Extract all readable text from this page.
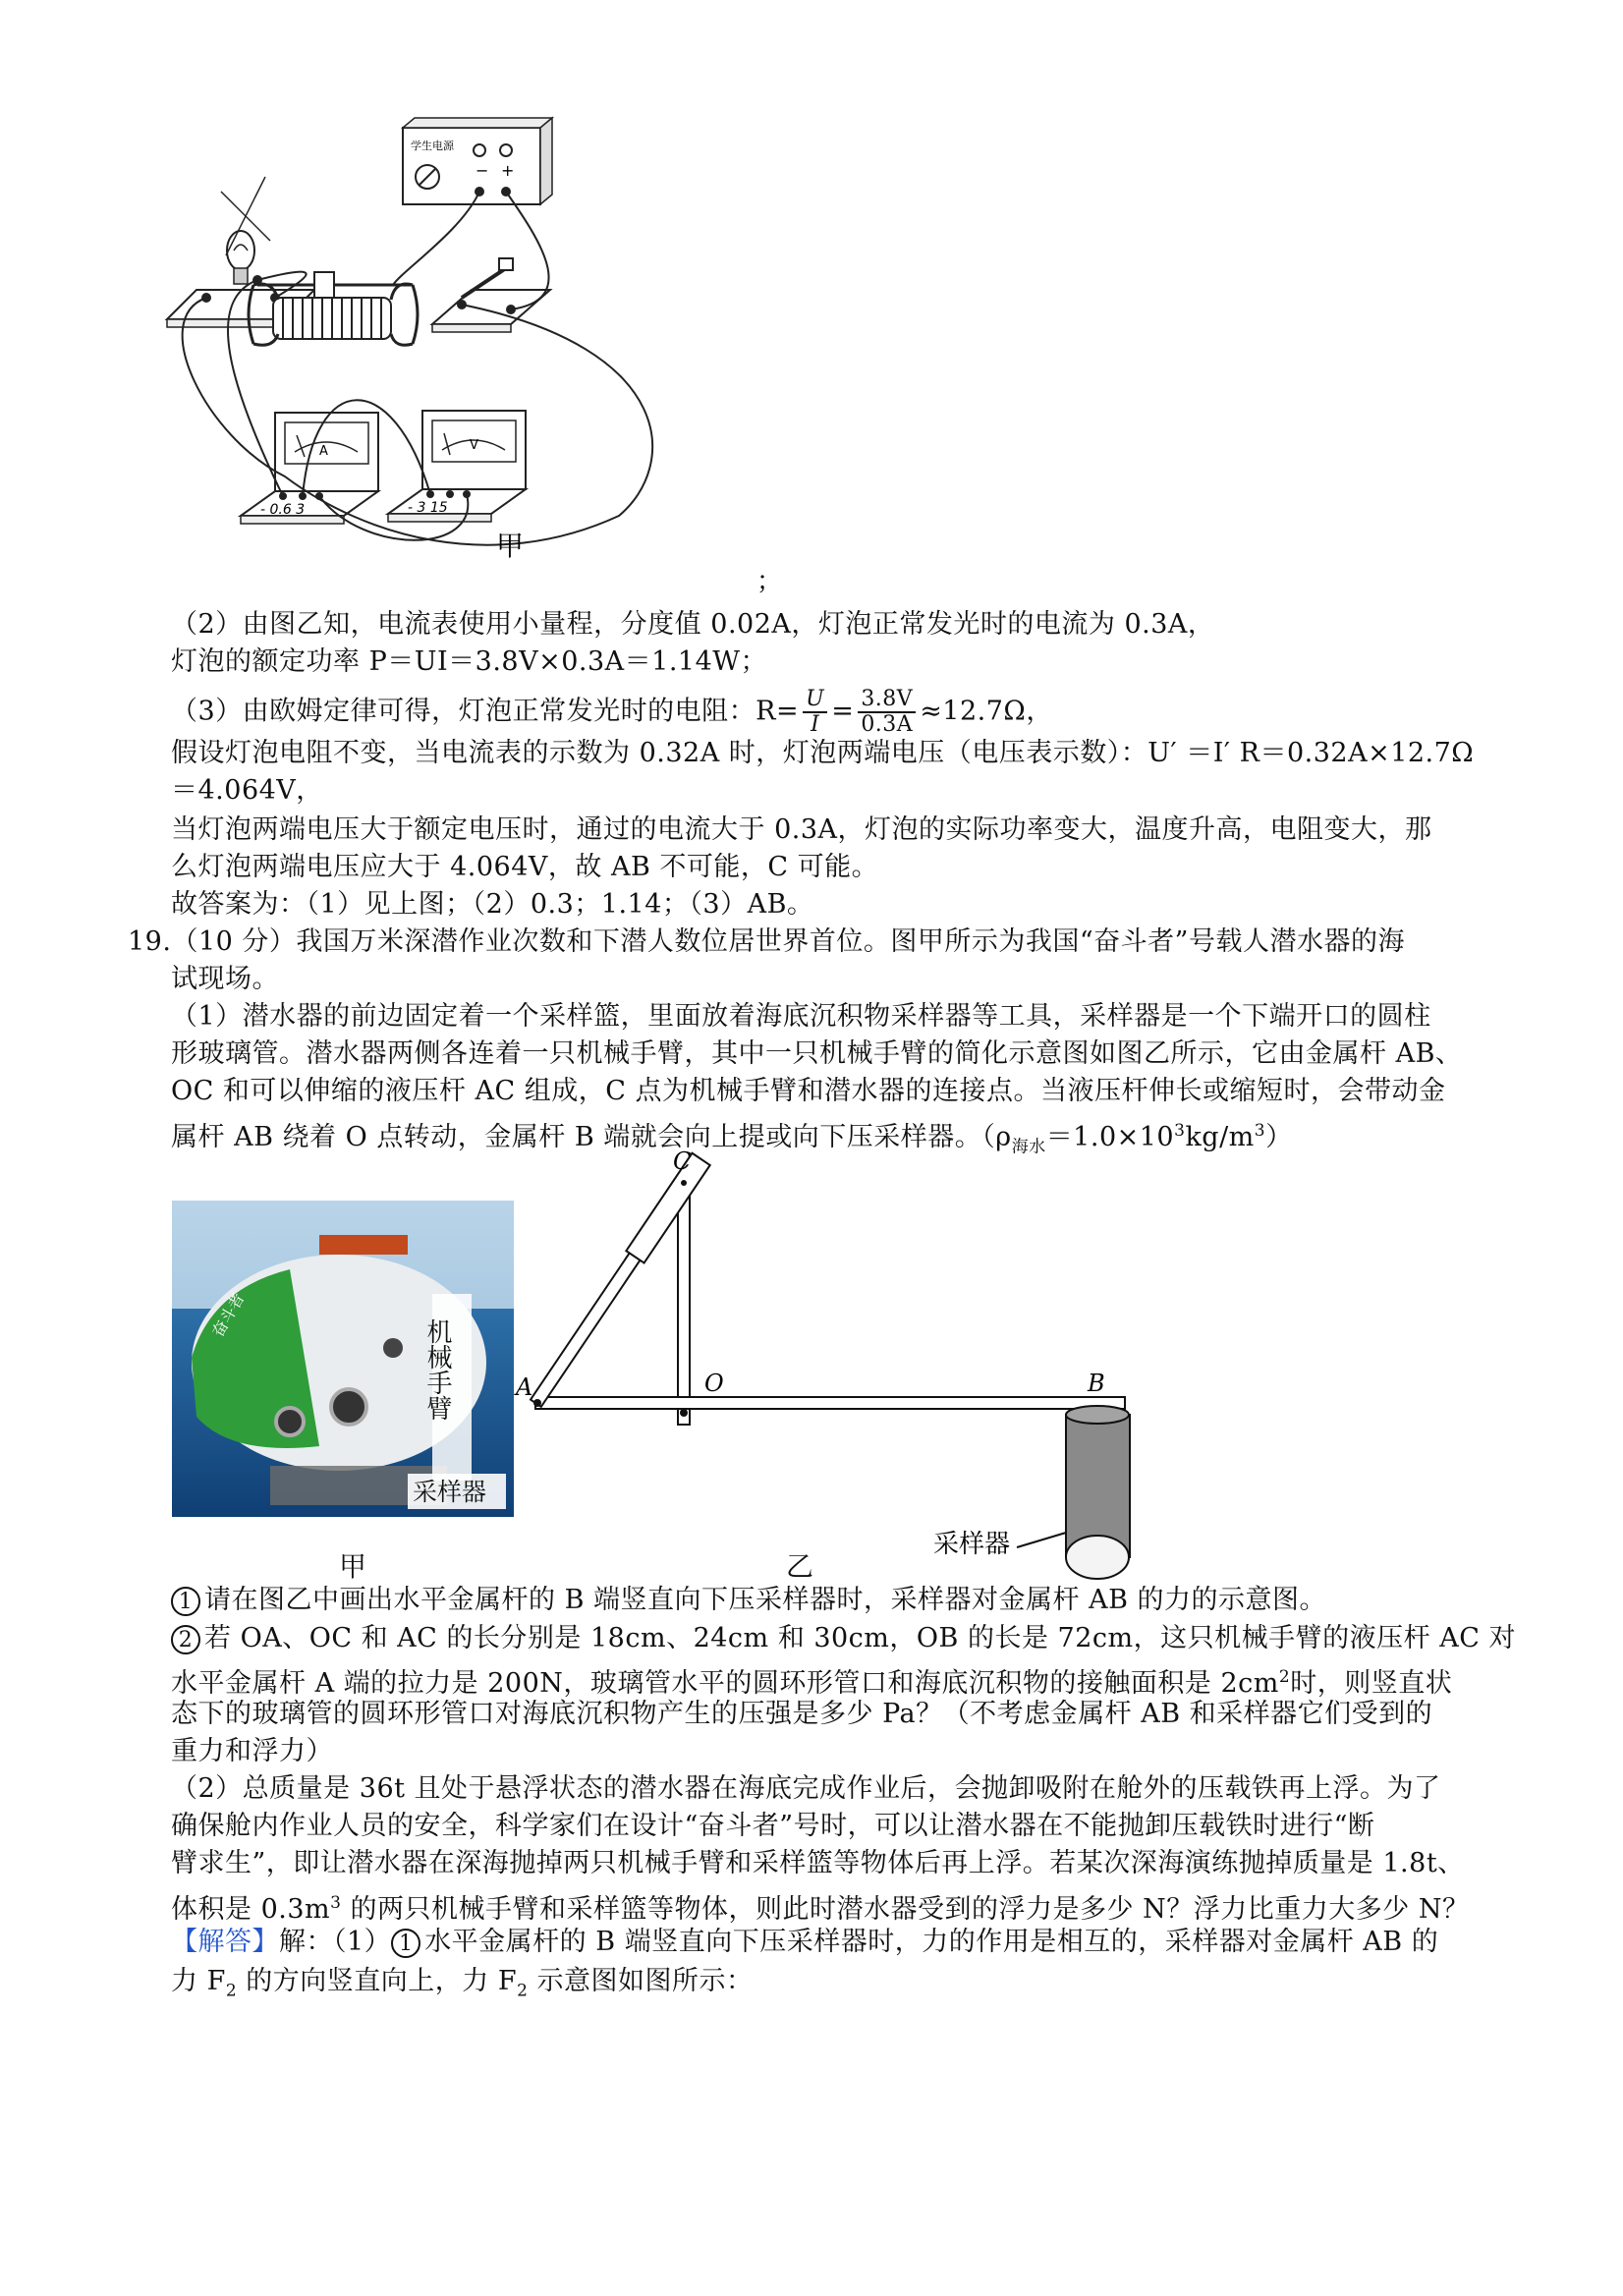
学生电源
− +
A
- 0.6 3
V
- 3 15
甲
；
（2）由图乙知，电流表使用小量程，分度值 0.02A，灯泡正常发光时的电流为 0.3A，
灯泡的额定功率 P＝UI＝3.8V×0.3A＝1.14W；
（3）由欧姆定律可得，灯泡正常发光时的电阻：$R= \frac{U}{I} = \frac{3.8V}{0.3A} \approx 12.7\Omega$，
假设灯泡电阻不变，当电流表的示数为 0.32A 时，灯泡两端电压（电压表示数）：U′ ＝I′ R＝0.32A×12.7Ω
＝4.064V，
当灯泡两端电压大于额定电压时，通过的电流大于 0.3A，灯泡的实际功率变大，温度升高，电阻变大，那
么灯泡两端电压应大于 4.064V，故 AB 不可能，C 可能。
故答案为：（1）见上图；（2）0.3；1.14；（3）AB。
19.（10 分）我国万米深潜作业次数和下潜人数位居世界首位。图甲所示为我国“奋斗者”号载人潜水器的海
试现场。
（1）潜水器的前边固定着一个采样篮，里面放着海底沉积物采样器等工具，采样器是一个下端开口的圆柱
形玻璃管。潜水器两侧各连着一只机械手臂，其中一只机械手臂的简化示意图如图乙所示，它由金属杆 AB、
OC 和可以伸缩的液压杆 AC 组成，C 点为机械手臂和潜水器的连接点。当液压杆伸长或缩短时，会带动金
属杆 AB 绕着 O 点转动，金属杆 B 端就会向上提或向下压采样器。$(\rho_{海水}=1.0\times 10^3kg/m^3)$
奋斗者
机械手臂
采样器
A	O	B
C
采样器
甲	乙
1 请在图乙中画出水平金属杆的 B 端竖直向下压采样器时，采样器对金属杆 AB 的力的示意图。
2 若 OA、OC 和 AC 的长分别是 18cm、24cm 和 30cm，OB 的长是 72cm，这只机械手臂的液压杆 AC 对
水平金属杆 A 端的拉力是 200N，玻璃管水平的圆环形管口和海底沉积物的接触面积是 $2cm^2$时，则竖直状
态下的玻璃管的圆环形管口对海底沉积物产生的压强是多少 Pa？（不考虑金属杆 AB 和采样器它们受到的
重力和浮力）
（2）总质量是 36t 且处于悬浮状态的潜水器在海底完成作业后，会抛卸吸附在舱外的压载铁再上浮。为了
确保舱内作业人员的安全，科学家们在设计“奋斗者”号时，可以让潜水器在不能抛卸压载铁时进行“断
臂求生”，即让潜水器在深海抛掉两只机械手臂和采样篮等物体后再上浮。若某次深海演练抛掉质量是 1.8t、
体积是 $0.3m^3$ 的两只机械手臂和采样篮等物体，则此时潜水器受到的浮力是多少 N？浮力比重力大多少 N？
【解答】解：（1） 1 水平金属杆的 B 端竖直向下压采样器时，力的作用是相互的，采样器对金属杆 AB 的
力 $F_2$ 的方向竖直向上，力 $F_2$ 示意图如图所示：
